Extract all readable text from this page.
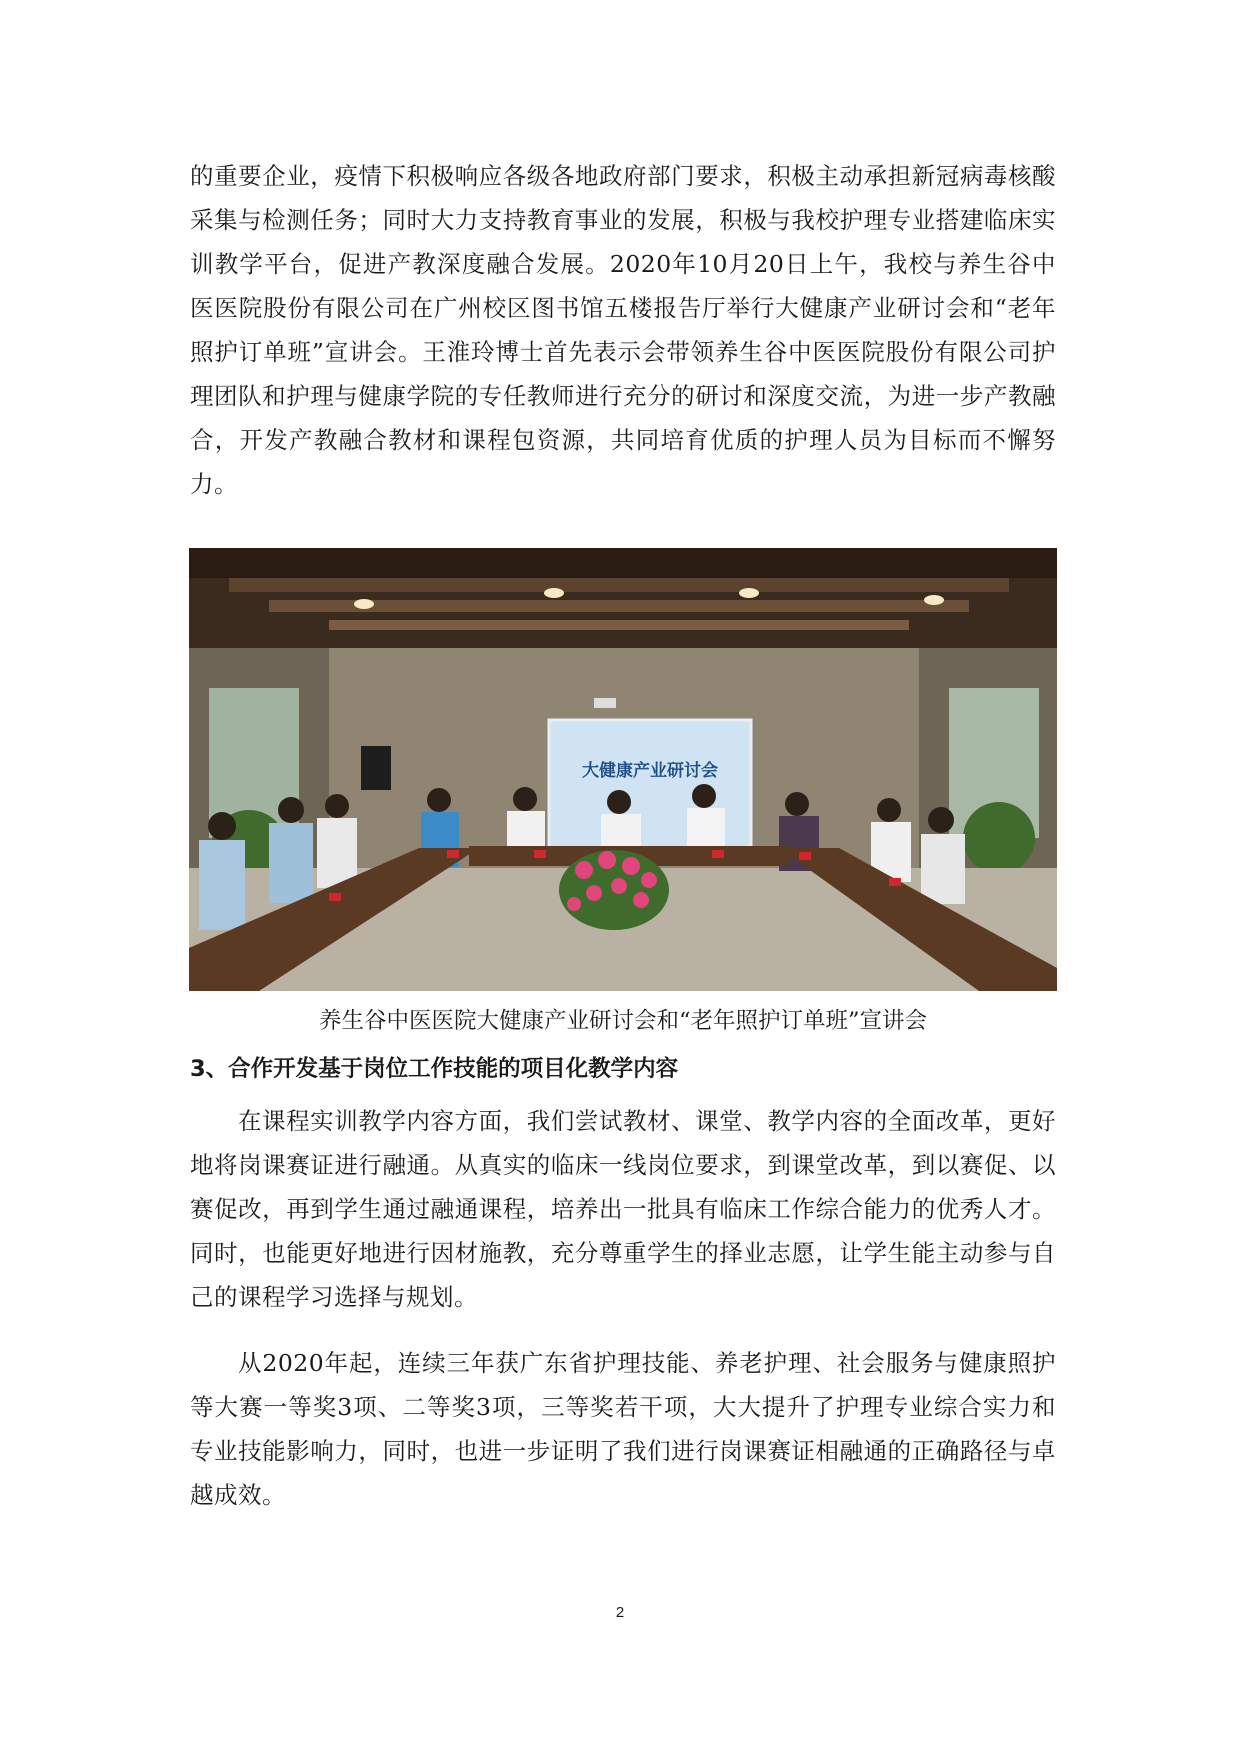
的重要企业，疫情下积极响应各级各地政府部门要求，积极主动承担新冠病毒核酸采集与检测任务；同时大力支持教育事业的发展，积极与我校护理专业搭建临床实训教学平台，促进产教深度融合发展。2020年10月20日上午，我校与养生谷中医医院股份有限公司在广州校区图书馆五楼报告厅举行大健康产业研讨会和“老年照护订单班”宣讲会。王淮玲博士首先表示会带领养生谷中医医院股份有限公司护理团队和护理与健康学院的专任教师进行充分的研讨和深度交流，为进一步产教融合，开发产教融合教材和课程包资源，共同培育优质的护理人员为目标而不懈努力。

大健康产业研讨会
养生谷中医医院大健康产业研讨会和“老年照护订单班”宣讲会
3、合作开发基于岗位工作技能的项目化教学内容

在课程实训教学内容方面，我们尝试教材、课堂、教学内容的全面改革，更好地将岗课赛证进行融通。从真实的临床一线岗位要求，到课堂改革，到以赛促、以赛促改，再到学生通过融通课程，培养出一批具有临床工作综合能力的优秀人才。同时，也能更好地进行因材施教，充分尊重学生的择业志愿，让学生能主动参与自己的课程学习选择与规划。

从2020年起，连续三年获广东省护理技能、养老护理、社会服务与健康照护等大赛一等奖3项、二等奖3项，三等奖若干项，大大提升了护理专业综合实力和专业技能影响力，同时，也进一步证明了我们进行岗课赛证相融通的正确路径与卓越成效。

2
